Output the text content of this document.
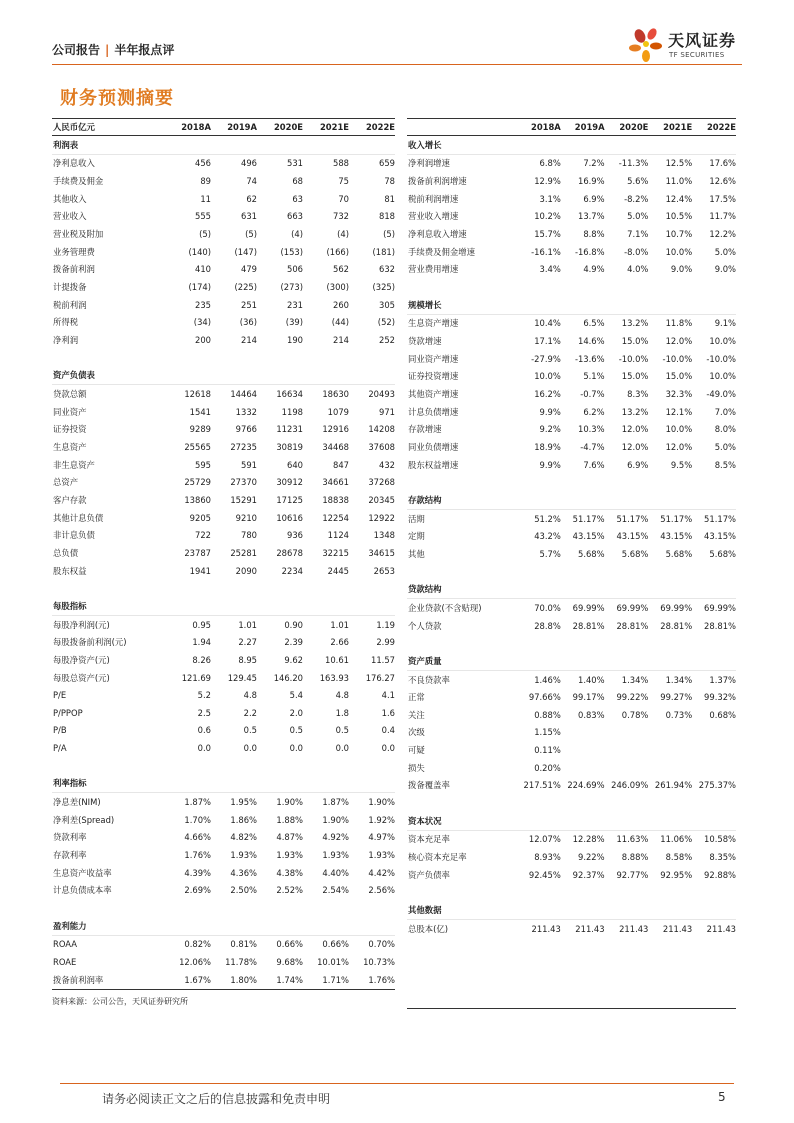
公司报告 | 半年报点评	天风证券
TF SECURITIES
财务预测摘要
人民币亿元	2018A	2019A	2020E	2021E	2022E
利润表
净利息收入	456	496	531	588	659
手续费及佣金	89	74	68	75	78
其他收入	11	62	63	70	81
营业收入	555	631	663	732	818
营业税及附加	(5)	(5)	(4)	(4)	(5)
业务管理费	(140)	(147)	(153)	(166)	(181)
拨备前利润	410	479	506	562	632
计提拨备	(174)	(225)	(273)	(300)	(325)
税前利润	235	251	231	260	305
所得税	(34)	(36)	(39)	(44)	(52)
净利润	200	214	190	214	252
资产负债表
贷款总额	12618	14464	16634	18630	20493
同业资产	1541	1332	1198	1079	971
证券投资	9289	9766	11231	12916	14208
生息资产	25565	27235	30819	34468	37608
非生息资产	595	591	640	847	432
总资产	25729	27370	30912	34661	37268
客户存款	13860	15291	17125	18838	20345
其他计息负债	9205	9210	10616	12254	12922
非计息负债	722	780	936	1124	1348
总负债	23787	25281	28678	32215	34615
股东权益	1941	2090	2234	2445	2653
每股指标
每股净利润(元)	0.95	1.01	0.90	1.01	1.19
每股拨备前利润(元)	1.94	2.27	2.39	2.66	2.99
每股净资产(元)	8.26	8.95	9.62	10.61	11.57
每股总资产(元)	121.69	129.45	146.20	163.93	176.27
P/E	5.2	4.8	5.4	4.8	4.1
P/PPOP	2.5	2.2	2.0	1.8	1.6
P/B	0.6	0.5	0.5	0.5	0.4
P/A	0.0	0.0	0.0	0.0	0.0
利率指标
净息差(NIM)	1.87%	1.95%	1.90%	1.87%	1.90%
净利差(Spread)	1.70%	1.86%	1.88%	1.90%	1.92%
贷款利率	4.66%	4.82%	4.87%	4.92%	4.97%
存款利率	1.76%	1.93%	1.93%	1.93%	1.93%
生息资产收益率	4.39%	4.36%	4.38%	4.40%	4.42%
计息负债成本率	2.69%	2.50%	2.52%	2.54%	2.56%
盈利能力
ROAA	0.82%	0.81%	0.66%	0.66%	0.70%
ROAE	12.06%	11.78%	9.68%	10.01%	10.73%
拨备前利润率	1.67%	1.80%	1.74%	1.71%	1.76%
2018A	2019A	2020E	2021E	2022E
收入增长
净利润增速	6.8%	7.2%	-11.3%	12.5%	17.6%
拨备前利润增速	12.9%	16.9%	5.6%	11.0%	12.6%
税前利润增速	3.1%	6.9%	-8.2%	12.4%	17.5%
营业收入增速	10.2%	13.7%	5.0%	10.5%	11.7%
净利息收入增速	15.7%	8.8%	7.1%	10.7%	12.2%
手续费及佣金增速	-16.1%	-16.8%	-8.0%	10.0%	5.0%
营业费用增速	3.4%	4.9%	4.0%	9.0%	9.0%
规模增长
生息资产增速	10.4%	6.5%	13.2%	11.8%	9.1%
贷款增速	17.1%	14.6%	15.0%	12.0%	10.0%
同业资产增速	-27.9%	-13.6%	-10.0%	-10.0%	-10.0%
证券投资增速	10.0%	5.1%	15.0%	15.0%	10.0%
其他资产增速	16.2%	-0.7%	8.3%	32.3%	-49.0%
计息负债增速	9.9%	6.2%	13.2%	12.1%	7.0%
存款增速	9.2%	10.3%	12.0%	10.0%	8.0%
同业负债增速	18.9%	-4.7%	12.0%	12.0%	5.0%
股东权益增速	9.9%	7.6%	6.9%	9.5%	8.5%
存款结构
活期	51.2%	51.17%	51.17%	51.17%	51.17%
定期	43.2%	43.15%	43.15%	43.15%	43.15%
其他	5.7%	5.68%	5.68%	5.68%	5.68%
贷款结构
企业贷款(不含贴现)	70.0%	69.99%	69.99%	69.99%	69.99%
个人贷款	28.8%	28.81%	28.81%	28.81%	28.81%
资产质量
不良贷款率	1.46%	1.40%	1.34%	1.34%	1.37%
正常	97.66%	99.17%	99.22%	99.27%	99.32%
关注	0.88%	0.83%	0.78%	0.73%	0.68%
次级	1.15%
可疑	0.11%
损失	0.20%
拨备覆盖率	217.51% 224.69% 246.09% 261.94% 275.37%
资本状况
资本充足率	12.07%	12.28%	11.63%	11.06%	10.58%
核心资本充足率	8.93%	9.22%	8.88%	8.58%	8.35%
资产负债率	92.45%	92.37%	92.77%	92.95%	92.88%
其他数据
总股本(亿)	211.43	211.43	211.43	211.43	211.43
资料来源：公司公告，天风证券研究所
请务必阅读正文之后的信息披露和免责申明	5
